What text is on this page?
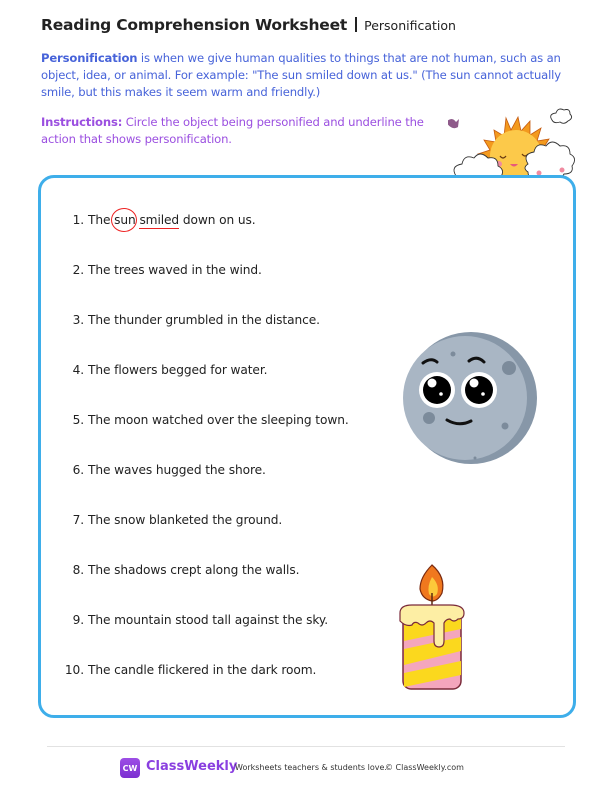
Reading Comprehension Worksheet Personification
Personification is when we give human qualities to things that are not human, such as an object, idea, or animal. For example: "The sun smiled down at us." (The sun cannot actually smile, but this makes it seem warm and friendly.)
Instructions: Circle the object being personified and underline the action that shows personification.
1. The sun smiled down on us.
2. The trees waved in the wind.
3. The thunder grumbled in the distance.
4. The flowers begged for water.
5. The moon watched over the sleeping town.
6. The waves hugged the shore.
7. The snow blanketed the ground.
8. The shadows crept along the walls.
9. The mountain stood tall against the sky.
10. The candle flickered in the dark room.
CW ClassWeekly
Worksheets teachers & students love.
© ClassWeekly.com
